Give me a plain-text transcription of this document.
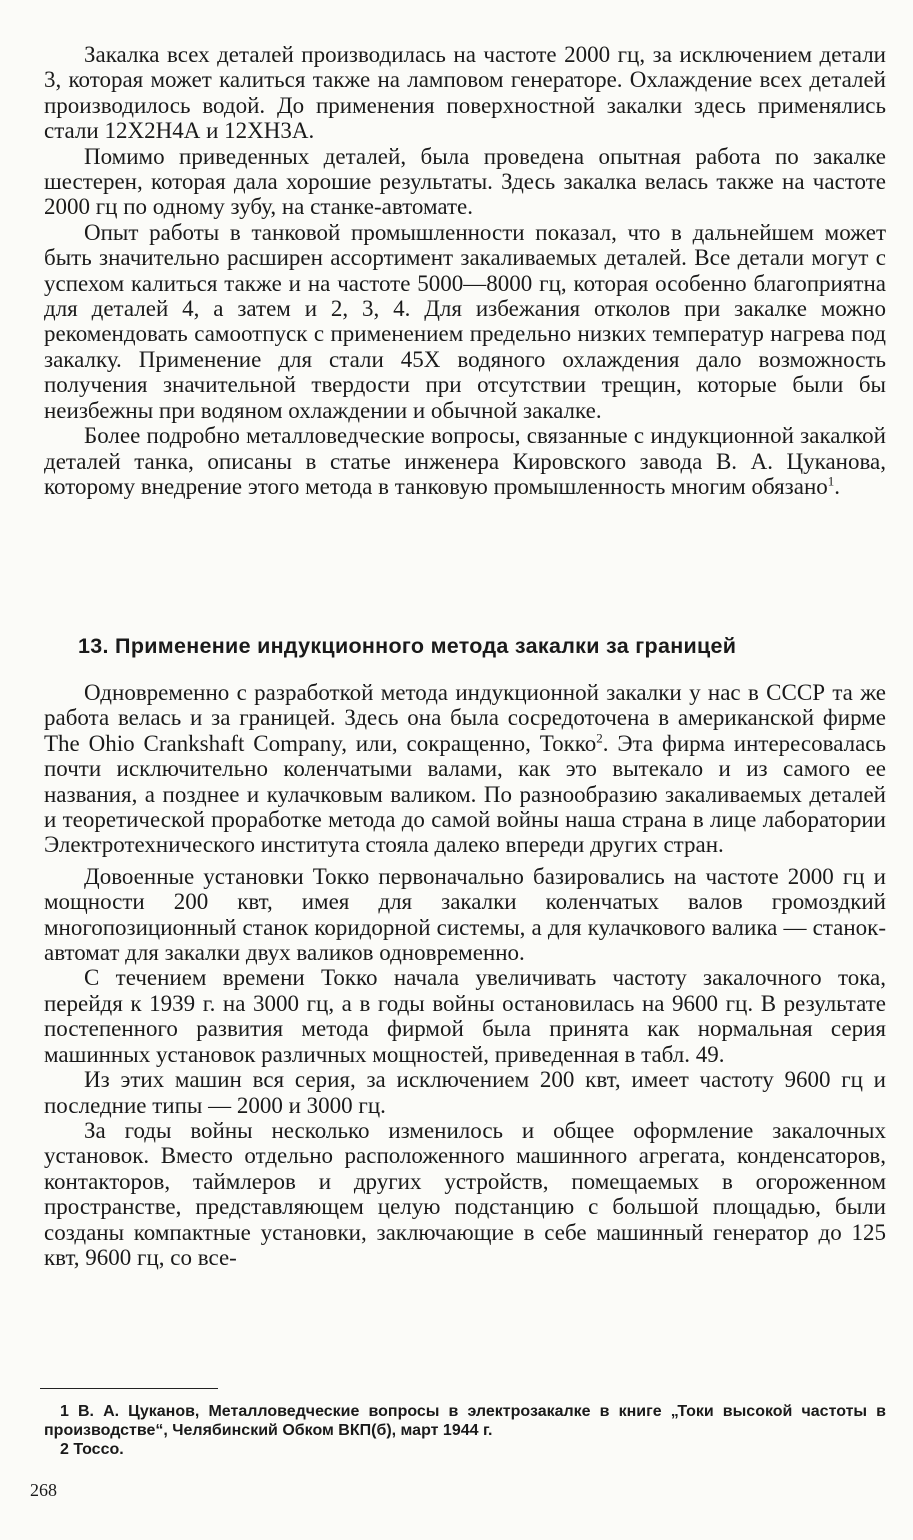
Закалка всех деталей производилась на частоте 2000 гц, за исключением детали 3, которая может калиться также на ламповом генераторе. Охлаждение всех деталей производилось водой. До применения поверхностной закалки здесь применялись стали 12Х2Н4А и 12ХН3А.

Помимо приведенных деталей, была проведена опытная работа по закалке шестерен, которая дала хорошие результаты. Здесь закалка велась также на частоте 2000 гц по одному зубу, на станке-автомате.

Опыт работы в танковой промышленности показал, что в дальнейшем может быть значительно расширен ассортимент закаливаемых деталей. Все детали могут с успехом калиться также и на частоте 5000—8000 гц, которая особенно благоприятна для деталей 4, а затем и 2, 3, 4. Для избежания отколов при закалке можно рекомендовать самоотпуск с применением предельно низких температур нагрева под закалку. Применение для стали 45Х водяного охлаждения дало возможность получения значительной твердости при отсутствии трещин, которые были бы неизбежны при водяном охлаждении и обычной закалке.

Более подробно металловедческие вопросы, связанные с индукционной закалкой деталей танка, описаны в статье инженера Кировского завода В. А. Цуканова, которому внедрение этого метода в танковую промышленность многим обязано$^1$.

13. Применение индукционного метода закалки за границей

Одновременно с разработкой метода индукционной закалки у нас в СССР та же работа велась и за границей. Здесь она была сосредоточена в американской фирме The Ohio Crankshaft Company, или, сокращенно, Токко$^2$. Эта фирма интересовалась почти исключительно коленчатыми валами, как это вытекало и из самого ее названия, а позднее и кулачковым валиком. По разнообразию закаливаемых деталей и теоретической проработке метода до самой войны наша страна в лице лаборатории Электротехнического института стояла далеко впереди других стран.

Довоенные установки Токко первоначально базировались на частоте 2000 гц и мощности 200 квт, имея для закалки коленчатых валов громоздкий многопозиционный станок коридорной системы, а для кулачкового валика — станок-автомат для закалки двух валиков одновременно.

С течением времени Токко начала увеличивать частоту закалочного тока, перейдя к 1939 г. на 3000 гц, а в годы войны остановилась на 9600 гц. В результате постепенного развития метода фирмой была принята как нормальная серия машинных установок различных мощностей, приведенная в табл. 49.

Из этих машин вся серия, за исключением 200 квт, имеет частоту 9600 гц и последние типы — 2000 и 3000 гц.

За годы войны несколько изменилось и общее оформление закалочных установок. Вместо отдельно расположенного машинного агрегата, конденсаторов, контакторов, таймлеров и других устройств, помещаемых в огороженном пространстве, представляющем целую подстанцию с большой площадью, были созданы компактные установки, заключающие в себе машинный генератор до 125 квт, 9600 гц, со все-

1 В. А. Цуканов, Металловедческие вопросы в электрозакалке в книге „Токи высокой частоты в производстве“, Челябинский Обком ВКП(б), март 1944 г.

2 Тоссо.

268
